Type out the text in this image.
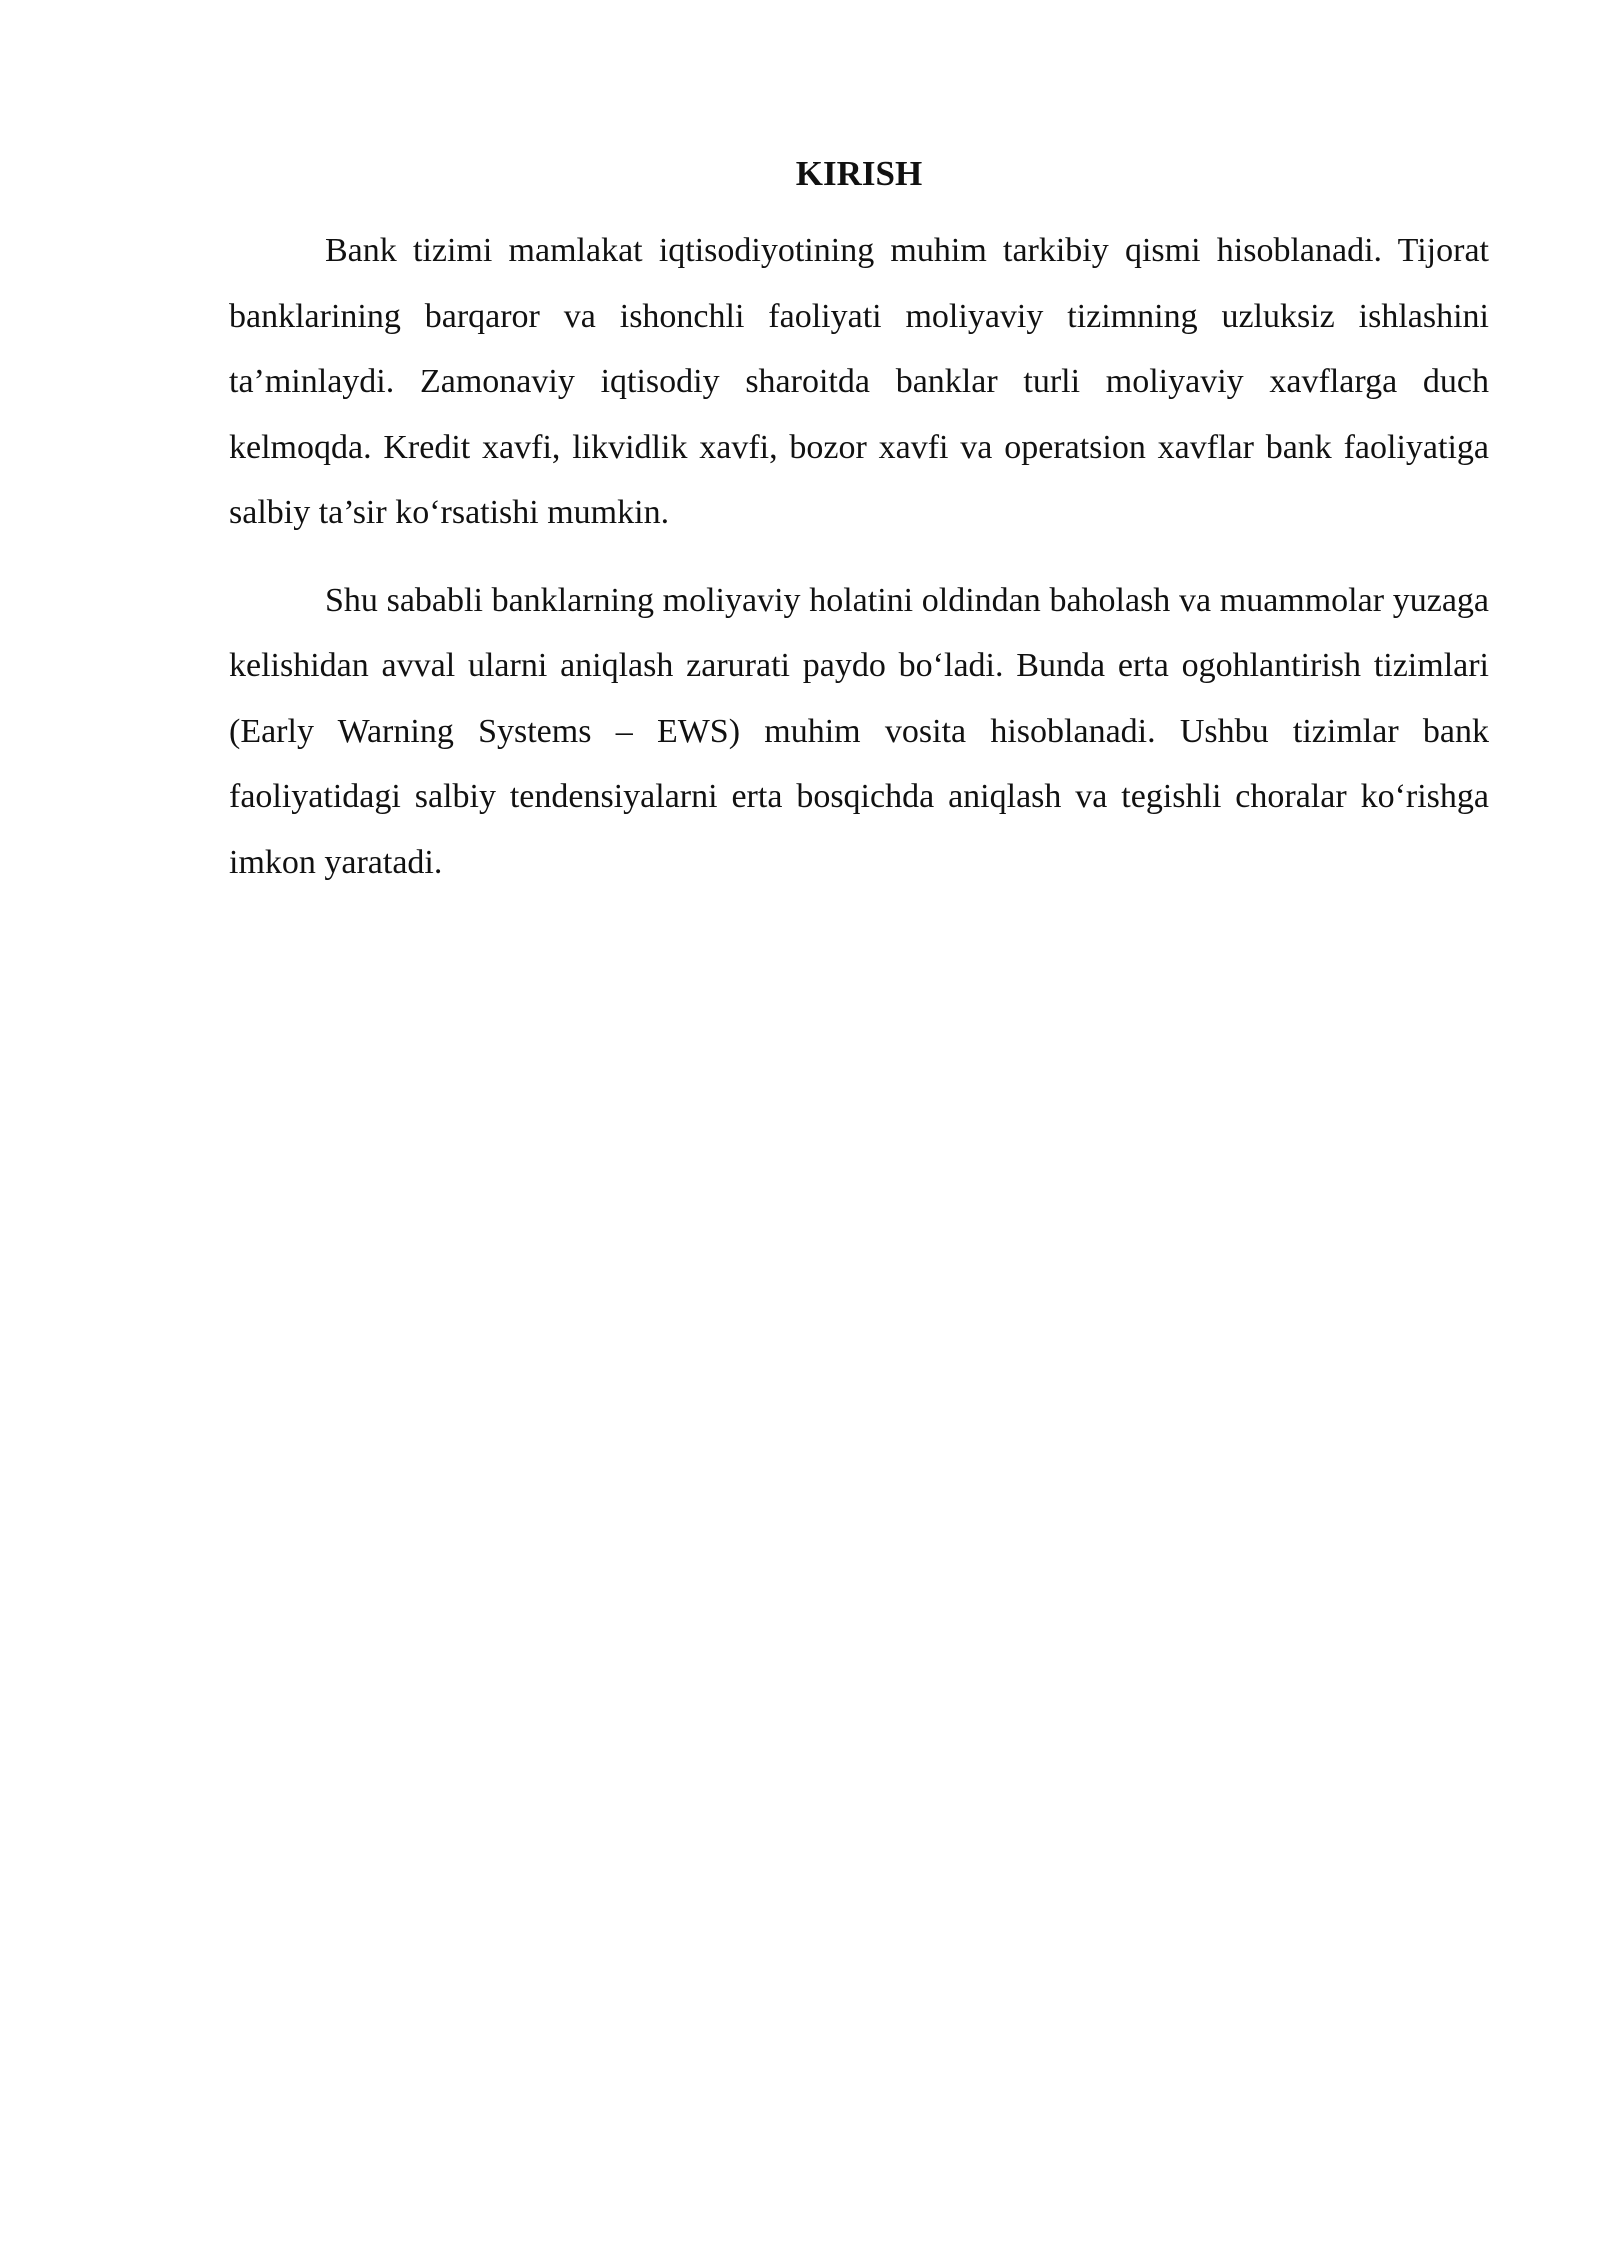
KIRISH

Bank tizimi mamlakat iqtisodiyotining muhim tarkibiy qismi hisoblanadi. Tijorat banklarining barqaror va ishonchli faoliyati moliyaviy tizimning uzluksiz ishlashini ta’minlaydi. Zamonaviy iqtisodiy sharoitda banklar turli moliyaviy xavflarga duch kelmoqda. Kredit xavfi, likvidlik xavfi, bozor xavfi va operatsion xavflar bank faoliyatiga salbiy ta’sir ko‘rsatishi mumkin.

Shu sababli banklarning moliyaviy holatini oldindan baholash va muammolar yuzaga kelishidan avval ularni aniqlash zarurati paydo bo‘ladi. Bunda erta ogohlantirish tizimlari (Early Warning Systems – EWS) muhim vosita hisoblanadi. Ushbu tizimlar bank faoliyatidagi salbiy tendensiyalarni erta bosqichda aniqlash va tegishli choralar ko‘rishga imkon yaratadi.
